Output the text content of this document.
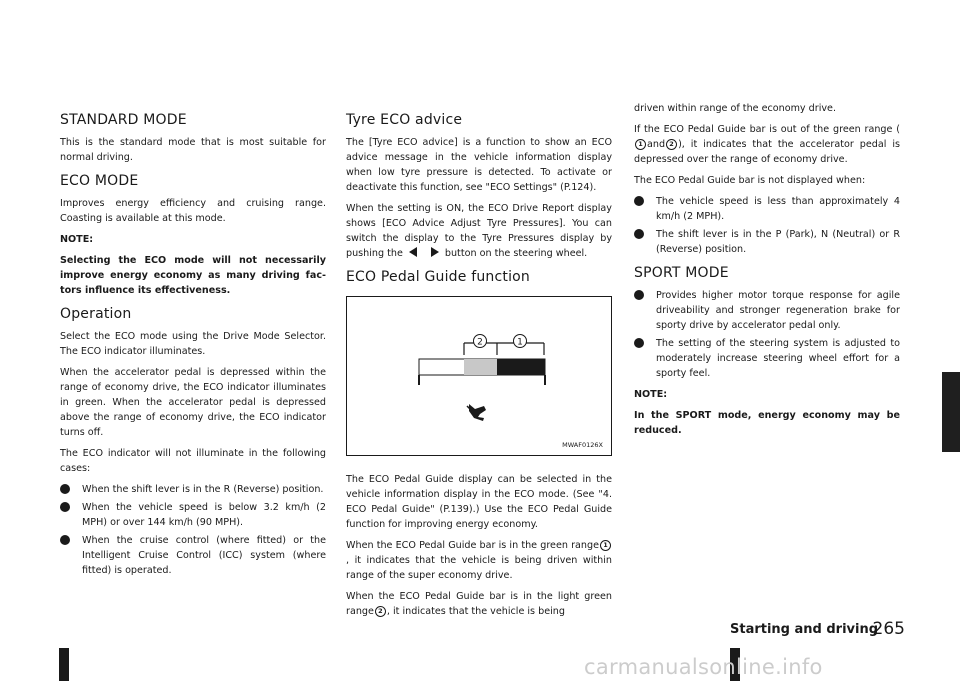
STANDARD MODE

This is the standard mode that is most suitable for normal driving.

ECO MODE

Improves energy efficiency and cruising range. Coasting is available at this mode.

NOTE:

Selecting the ECO mode will not necessarily improve energy economy as many driving fac-tors influence its effectiveness.

Operation

Select the ECO mode using the Drive Mode Selector. The ECO indicator illuminates.

When the accelerator pedal is depressed within the range of economy drive, the ECO indicator illuminates in green. When the accelerator pedal is depressed above the range of economy drive, the ECO indicator turns off.

The ECO indicator will not illuminate in the following cases:

When the shift lever is in the R (Reverse) position.
When the vehicle speed is below 3.2 km/h (2 MPH) or over 144 km/h (90 MPH).
When the cruise control (where fitted) or the Intelligent Cruise Control (ICC) system (where fitted) is operated.
Tyre ECO advice

The [Tyre ECO advice] is a function to show an ECO advice message in the vehicle information display when low tyre pressure is detected. To activate or deactivate this function, see "ECO Settings" (P.124).

When the setting is ON, the ECO Drive Report display shows [ECO Advice Adjust Tyre Pressures]. You can switch the display to the Tyre Pressures display by pushing the	button on the steering wheel.

ECO Pedal Guide function
2	1
MWAF0126X

The ECO Pedal Guide display can be selected in the vehicle information display in the ECO mode. (See "4. ECO Pedal Guide" (P.139).) Use the ECO Pedal Guide function for improving energy economy.

When the ECO Pedal Guide bar is in the green range 1, it indicates that the vehicle is being driven within range of the super economy drive.

When the ECO Pedal Guide bar is in the light green range 2 , it indicates that the vehicle is being

driven within range of the economy drive.

If the ECO Pedal Guide bar is out of the green range (1 and 2 ), it indicates that the accelerator pedal is depressed over the range of economy drive.

The ECO Pedal Guide bar is not displayed when:

The vehicle speed is less than approximately 4 km/h (2 MPH).
The shift lever is in the P (Park), N (Neutral) or R (Reverse) position.
SPORT MODE
Provides higher motor torque response for agile driveability and stronger regeneration brake for sporty drive by accelerator pedal only.
The setting of the steering system is adjusted to moderately increase steering wheel effort for a sporty feel.

NOTE:

In the SPORT mode, energy economy may be reduced.

Starting and driving
265
carmanualsonline.info
